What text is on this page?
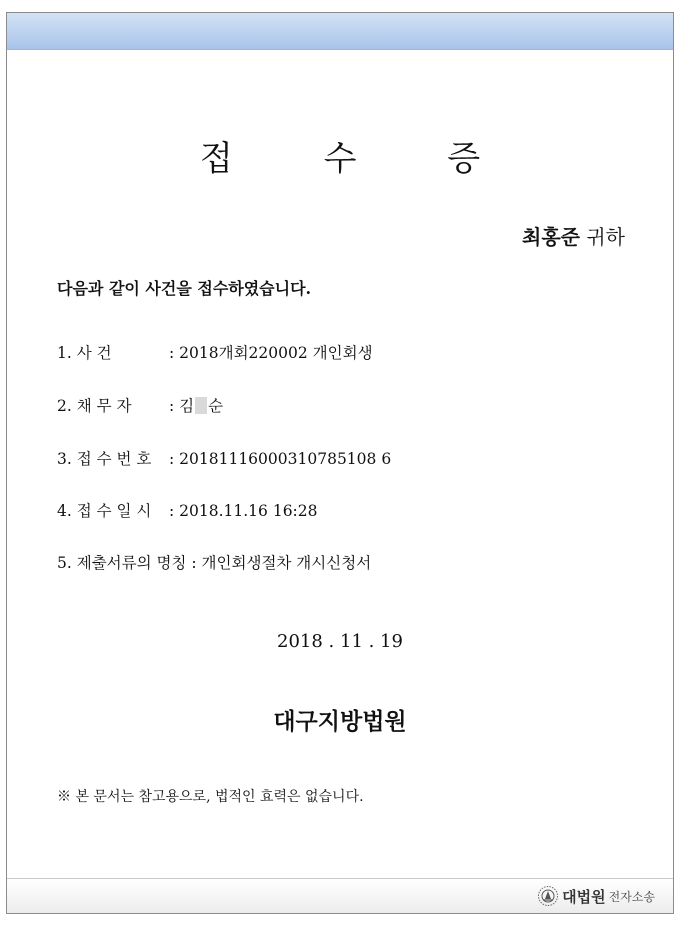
접 수 증
최홍준 귀하
다음과 같이 사건을 접수하였습니다.
1. 사 건	: 2018개회220002 개인회생
2. 채 무 자 : 김 순
3. 접 수 번 호 : 20181116000310785108 6
4. 접 수 일 시 : 2018.11.16 16:28
5. 제출서류의 명칭 : 개인회생절차 개시신청서
2018 . 11 . 19
대구지방법원
※ 본 문서는 참고용으로, 법적인 효력은 없습니다.
대법원 전자소송
